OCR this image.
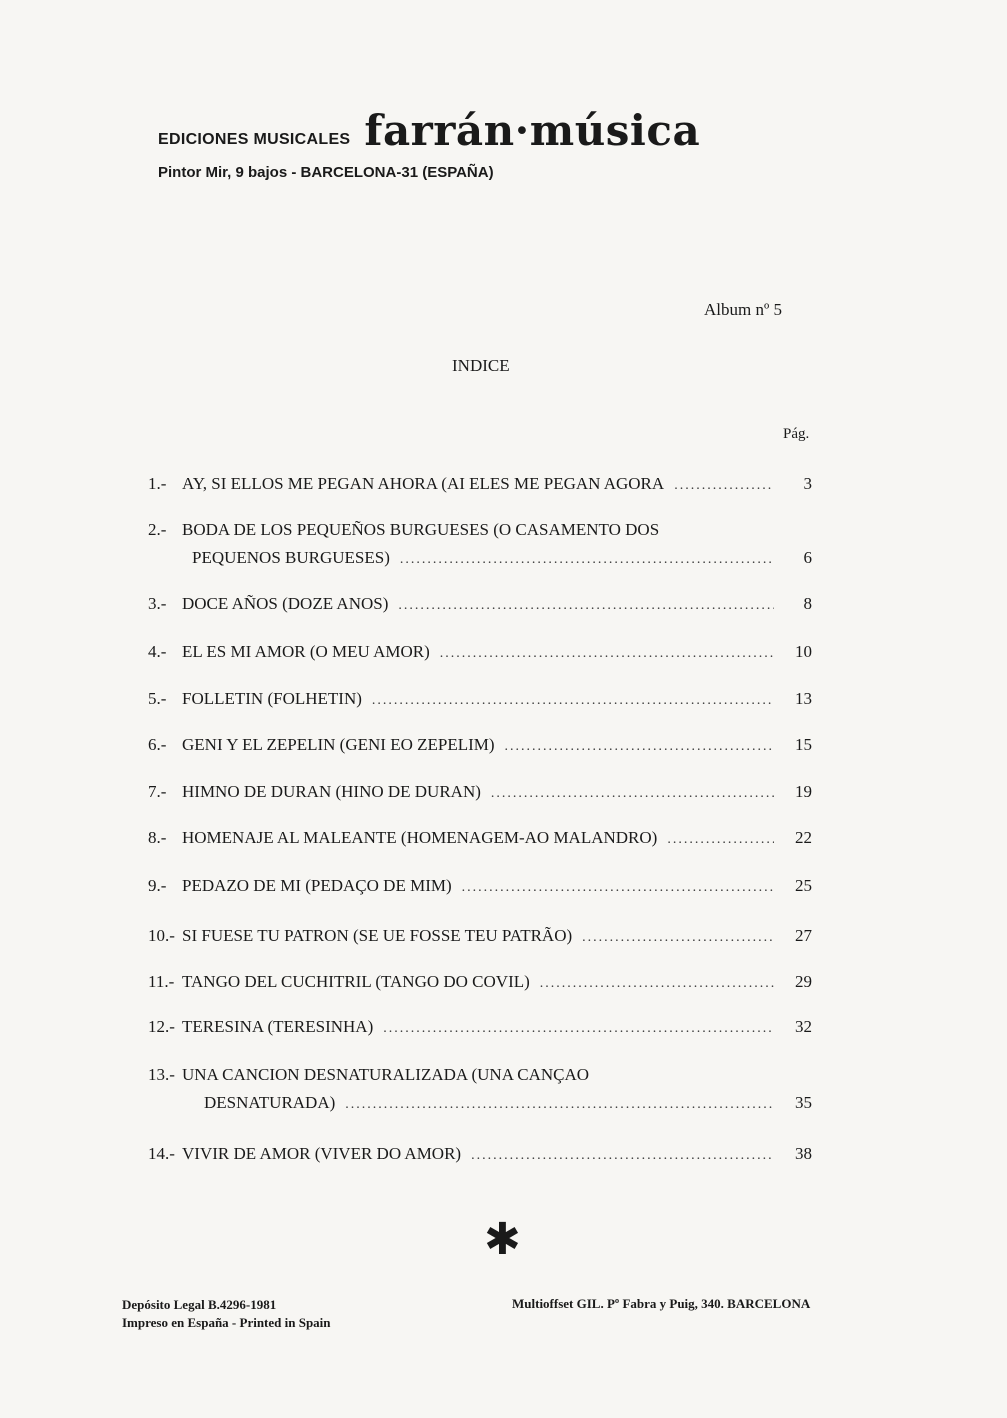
EDICIONES MUSICALES farrán·música
Pintor Mir, 9 bajos - BARCELONA-31 (ESPAÑA)
Album nº 5
INDICE
Pág.
1.- AY, SI ELLOS ME PEGAN AHORA (AI ELES ME PEGAN AGORA .....	3
2.- BODA DE LOS PEQUEÑOS BURGUESES (O CASAMENTO DOS
PEQUENOS BURGUESES) .....	6
3.- DOCE AÑOS (DOZE ANOS) .....	8
4.- EL ES MI AMOR (O MEU AMOR) .....	10
5.- FOLLETIN (FOLHETIN) .....	13
6.- GENI Y EL ZEPELIN (GENI EO ZEPELIM) .....	15
7.- HIMNO DE DURAN (HINO DE DURAN) .....	19
8.- HOMENAJE AL MALEANTE (HOMENAGEM-AO MALANDRO) .....	22
9.- PEDAZO DE MI (PEDAÇO DE MIM) .....	25
10.- SI FUESE TU PATRON (SE UE FOSSE TEU PATRÃO) .....	27
11.- TANGO DEL CUCHITRIL (TANGO DO COVIL) .....	29
12.- TERESINA (TERESINHA) .....	32
13.- UNA CANCION DESNATURALIZADA (UNA CANÇAO
DESNATURADA) .....	35
14.- VIVIR DE AMOR (VIVER DO AMOR) .....	38
✱
Depósito Legal B.4296-1981
Impreso en España - Printed in Spain
Multioffset GIL. Pº Fabra y Puig, 340. BARCELONA
